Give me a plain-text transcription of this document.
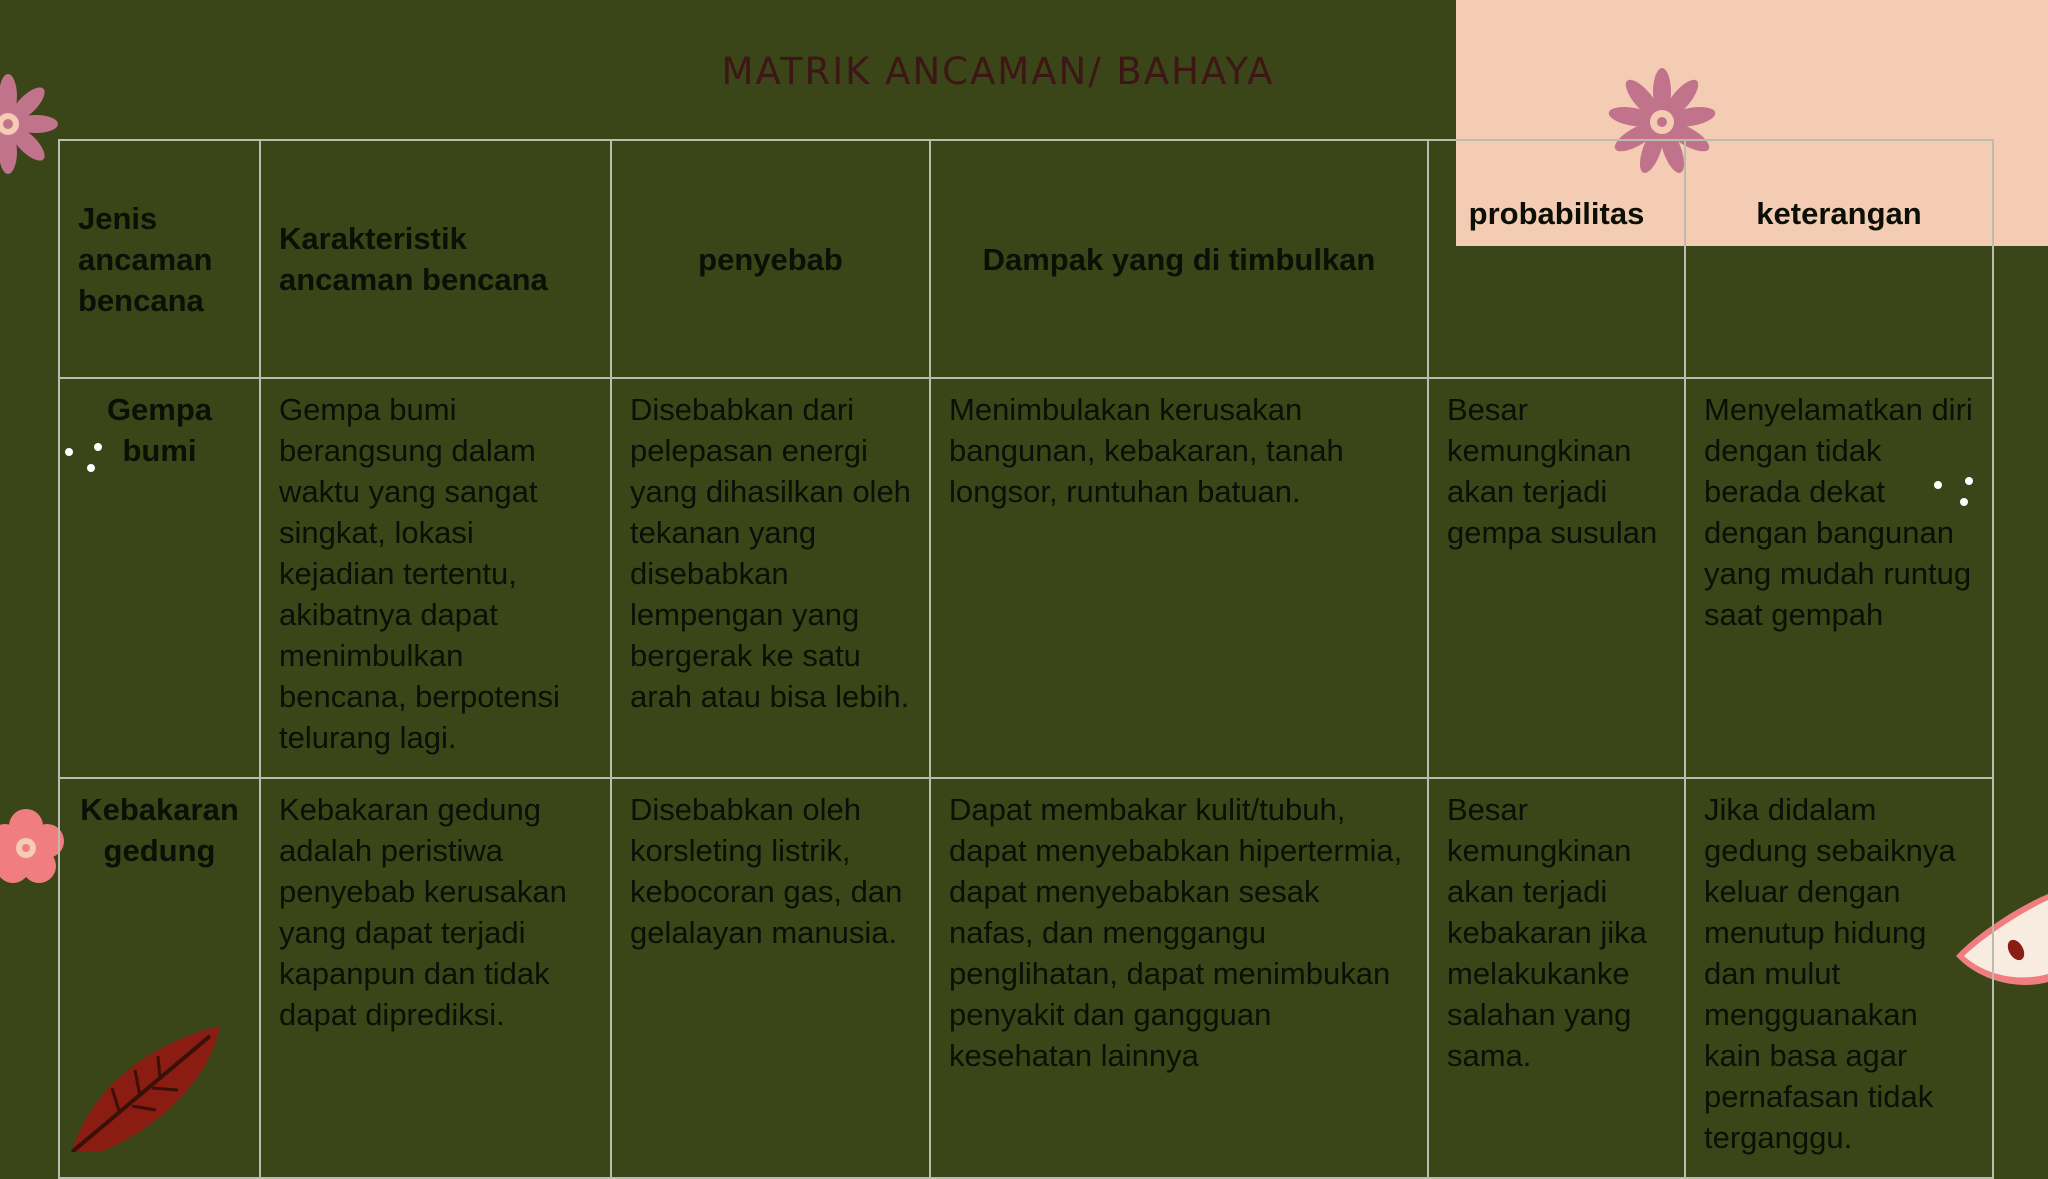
MATRIK ANCAMAN/ BAHAYA
Jenis ancaman bencana	Karakteristik ancaman bencana	penyebab	Dampak yang di timbulkan	probabilitas	keterangan
Gempa bumi	Gempa bumi berangsung dalam waktu yang sangat singkat, lokasi kejadian tertentu, akibatnya dapat menimbulkan bencana, berpotensi telurang lagi.	Disebabkan dari pelepasan energi yang dihasilkan oleh tekanan yang disebabkan lempengan yang bergerak ke satu arah atau bisa lebih.	Menimbulakan kerusakan bangunan, kebakaran, tanah longsor, runtuhan batuan.	Besar kemungkinan akan terjadi gempa susulan	Menyelamatkan diri dengan tidak berada dekat dengan bangunan yang mudah runtug saat gempah
Kebakaran gedung	Kebakaran gedung adalah peristiwa penyebab kerusakan yang dapat terjadi kapanpun dan tidak dapat diprediksi.	Disebabkan oleh korsleting listrik, kebocoran gas, dan gelalayan manusia.	Dapat membakar kulit/tubuh, dapat menyebabkan hipertermia, dapat menyebabkan sesak nafas, dan menggangu penglihatan, dapat menimbukan penyakit dan gangguan kesehatan lainnya	Besar kemungkinan akan terjadi kebakaran jika melakukanke salahan yang sama.	Jika didalam gedung sebaiknya keluar dengan menutup hidung dan mulut mengguanakan kain basa agar pernafasan tidak terganggu.
